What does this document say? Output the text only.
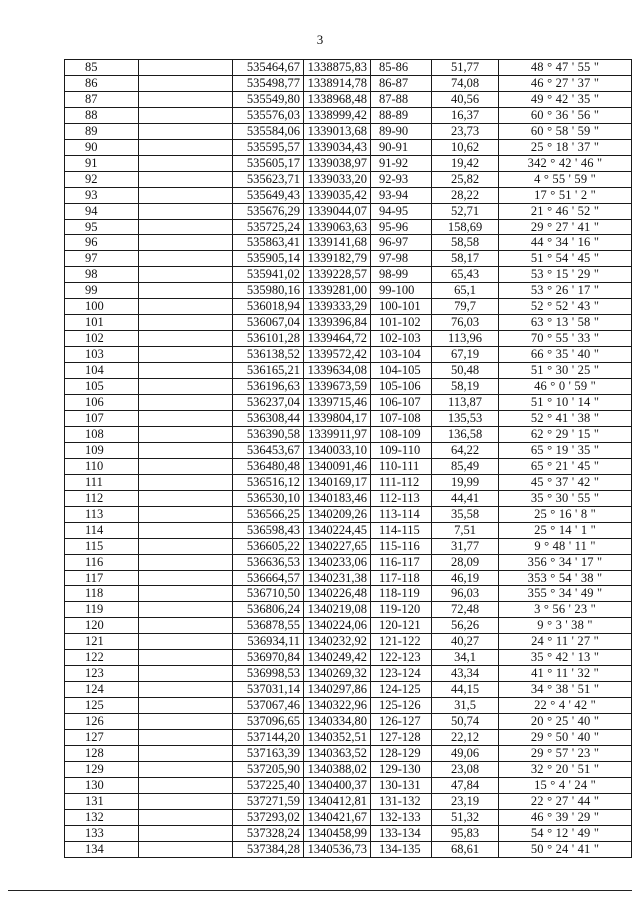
3
85		535464,67	1338875,83	85-86	51,77	48 ° 47 ' 55 "
86		535498,77	1338914,78	86-87	74,08	46 ° 27 ' 37 "
87		535549,80	1338968,48	87-88	40,56	49 ° 42 ' 35 "
88		535576,03	1338999,42	88-89	16,37	60 ° 36 ' 56 "
89		535584,06	1339013,68	89-90	23,73	60 ° 58 ' 59 "
90		535595,57	1339034,43	90-91	10,62	25 ° 18 ' 37 "
91		535605,17	1339038,97	91-92	19,42	342 ° 42 ' 46 "
92		535623,71	1339033,20	92-93	25,82	4 ° 55 ' 59 "
93		535649,43	1339035,42	93-94	28,22	17 ° 51 ' 2 "
94		535676,29	1339044,07	94-95	52,71	21 ° 46 ' 52 "
95		535725,24	1339063,63	95-96	158,69	29 ° 27 ' 41 "
96		535863,41	1339141,68	96-97	58,58	44 ° 34 ' 16 "
97		535905,14	1339182,79	97-98	58,17	51 ° 54 ' 45 "
98		535941,02	1339228,57	98-99	65,43	53 ° 15 ' 29 "
99		535980,16	1339281,00	99-100	65,1	53 ° 26 ' 17 "
100		536018,94	1339333,29	100-101	79,7	52 ° 52 ' 43 "
101		536067,04	1339396,84	101-102	76,03	63 ° 13 ' 58 "
102		536101,28	1339464,72	102-103	113,96	70 ° 55 ' 33 "
103		536138,52	1339572,42	103-104	67,19	66 ° 35 ' 40 "
104		536165,21	1339634,08	104-105	50,48	51 ° 30 ' 25 "
105		536196,63	1339673,59	105-106	58,19	46 ° 0 ' 59 "
106		536237,04	1339715,46	106-107	113,87	51 ° 10 ' 14 "
107		536308,44	1339804,17	107-108	135,53	52 ° 41 ' 38 "
108		536390,58	1339911,97	108-109	136,58	62 ° 29 ' 15 "
109		536453,67	1340033,10	109-110	64,22	65 ° 19 ' 35 "
110		536480,48	1340091,46	110-111	85,49	65 ° 21 ' 45 "
111		536516,12	1340169,17	111-112	19,99	45 ° 37 ' 42 "
112		536530,10	1340183,46	112-113	44,41	35 ° 30 ' 55 "
113		536566,25	1340209,26	113-114	35,58	25 ° 16 ' 8 "
114		536598,43	1340224,45	114-115	7,51	25 ° 14 ' 1 "
115		536605,22	1340227,65	115-116	31,77	9 ° 48 ' 11 "
116		536636,53	1340233,06	116-117	28,09	356 ° 34 ' 17 "
117		536664,57	1340231,38	117-118	46,19	353 ° 54 ' 38 "
118		536710,50	1340226,48	118-119	96,03	355 ° 34 ' 49 "
119		536806,24	1340219,08	119-120	72,48	3 ° 56 ' 23 "
120		536878,55	1340224,06	120-121	56,26	9 ° 3 ' 38 "
121		536934,11	1340232,92	121-122	40,27	24 ° 11 ' 27 "
122		536970,84	1340249,42	122-123	34,1	35 ° 42 ' 13 "
123		536998,53	1340269,32	123-124	43,34	41 ° 11 ' 32 "
124		537031,14	1340297,86	124-125	44,15	34 ° 38 ' 51 "
125		537067,46	1340322,96	125-126	31,5	22 ° 4 ' 42 "
126		537096,65	1340334,80	126-127	50,74	20 ° 25 ' 40 "
127		537144,20	1340352,51	127-128	22,12	29 ° 50 ' 40 "
128		537163,39	1340363,52	128-129	49,06	29 ° 57 ' 23 "
129		537205,90	1340388,02	129-130	23,08	32 ° 20 ' 51 "
130		537225,40	1340400,37	130-131	47,84	15 ° 4 ' 24 "
131		537271,59	1340412,81	131-132	23,19	22 ° 27 ' 44 "
132		537293,02	1340421,67	132-133	51,32	46 ° 39 ' 29 "
133		537328,24	1340458,99	133-134	95,83	54 ° 12 ' 49 "
134		537384,28	1340536,73	134-135	68,61	50 ° 24 ' 41 "
